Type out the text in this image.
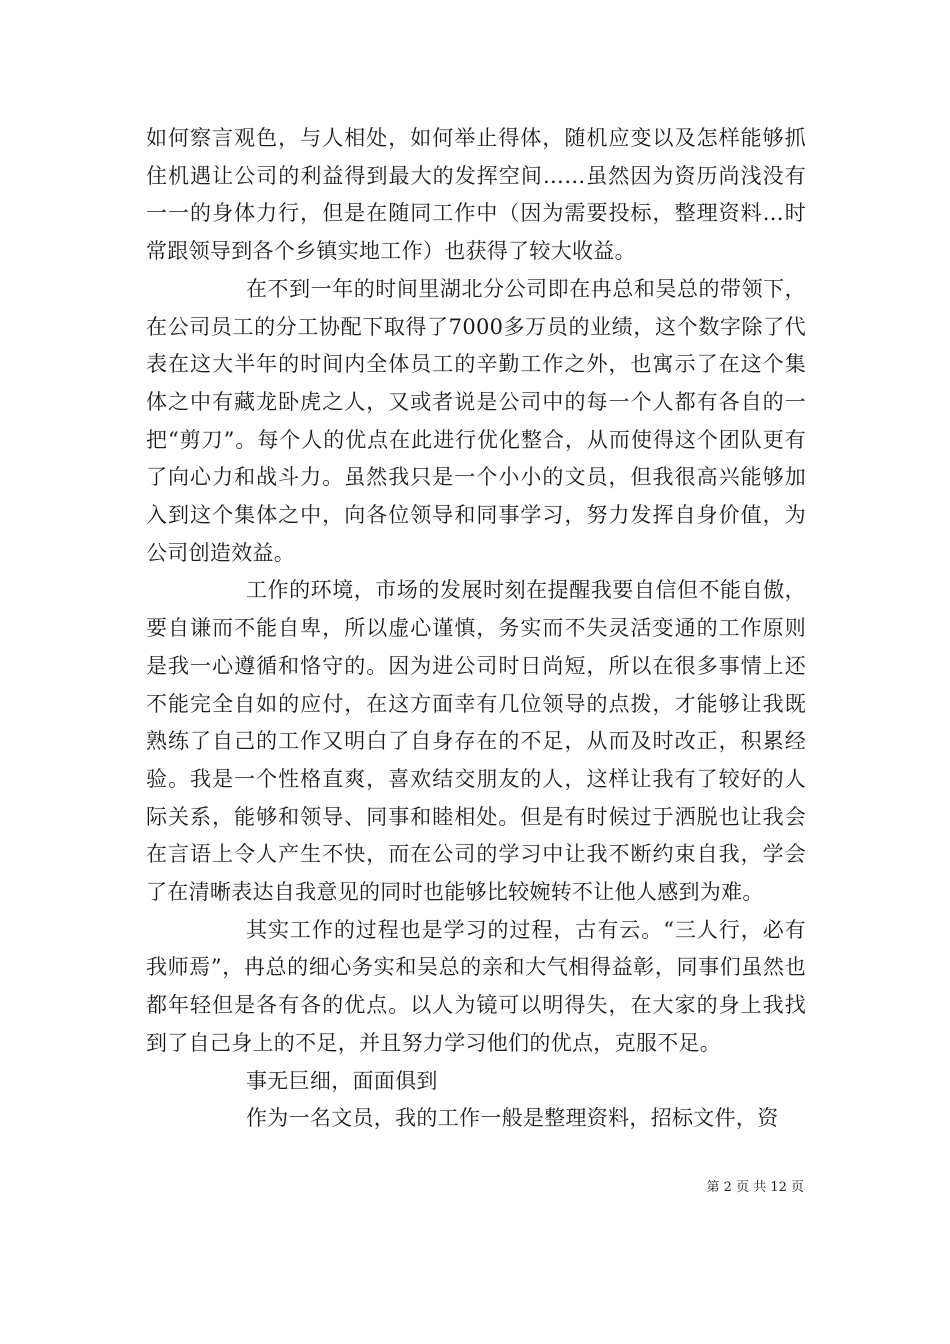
如何察言观色，与人相处，如何举止得体，随机应变以及怎样能够抓住机遇让公司的利益得到最大的发挥空间……虽然因为资历尚浅没有一一的身体力行，但是在随同工作中（因为需要投标，整理资料…时常跟领导到各个乡镇实地工作）也获得了较大收益。

在不到一年的时间里湖北分公司即在冉总和吴总的带领下，在公司员工的分工协配下取得了7000多万员的业绩，这个数字除了代表在这大半年的时间内全体员工的辛勤工作之外，也寓示了在这个集体之中有藏龙卧虎之人，又或者说是公司中的每一个人都有各自的一把“剪刀”。每个人的优点在此进行优化整合，从而使得这个团队更有了向心力和战斗力。虽然我只是一个小小的文员，但我很高兴能够加入到这个集体之中，向各位领导和同事学习，努力发挥自身价值，为公司创造效益。

工作的环境，市场的发展时刻在提醒我要自信但不能自傲，要自谦而不能自卑，所以虚心谨慎，务实而不失灵活变通的工作原则是我一心遵循和恪守的。因为进公司时日尚短，所以在很多事情上还不能完全自如的应付，在这方面幸有几位领导的点拨，才能够让我既熟练了自己的工作又明白了自身存在的不足，从而及时改正，积累经验。我是一个性格直爽，喜欢结交朋友的人，这样让我有了较好的人际关系，能够和领导、同事和睦相处。但是有时候过于洒脱也让我会在言语上令人产生不快，而在公司的学习中让我不断约束自我，学会了在清晰表达自我意见的同时也能够比较婉转不让他人感到为难。

其实工作的过程也是学习的过程，古有云。“三人行，必有我师焉”，冉总的细心务实和吴总的亲和大气相得益彰，同事们虽然也都年轻但是各有各的优点。以人为镜可以明得失，在大家的身上我找到了自己身上的不足，并且努力学习他们的优点，克服不足。

事无巨细，面面俱到

作为一名文员，我的工作一般是整理资料，招标文件，资

第 2 页 共 12 页
